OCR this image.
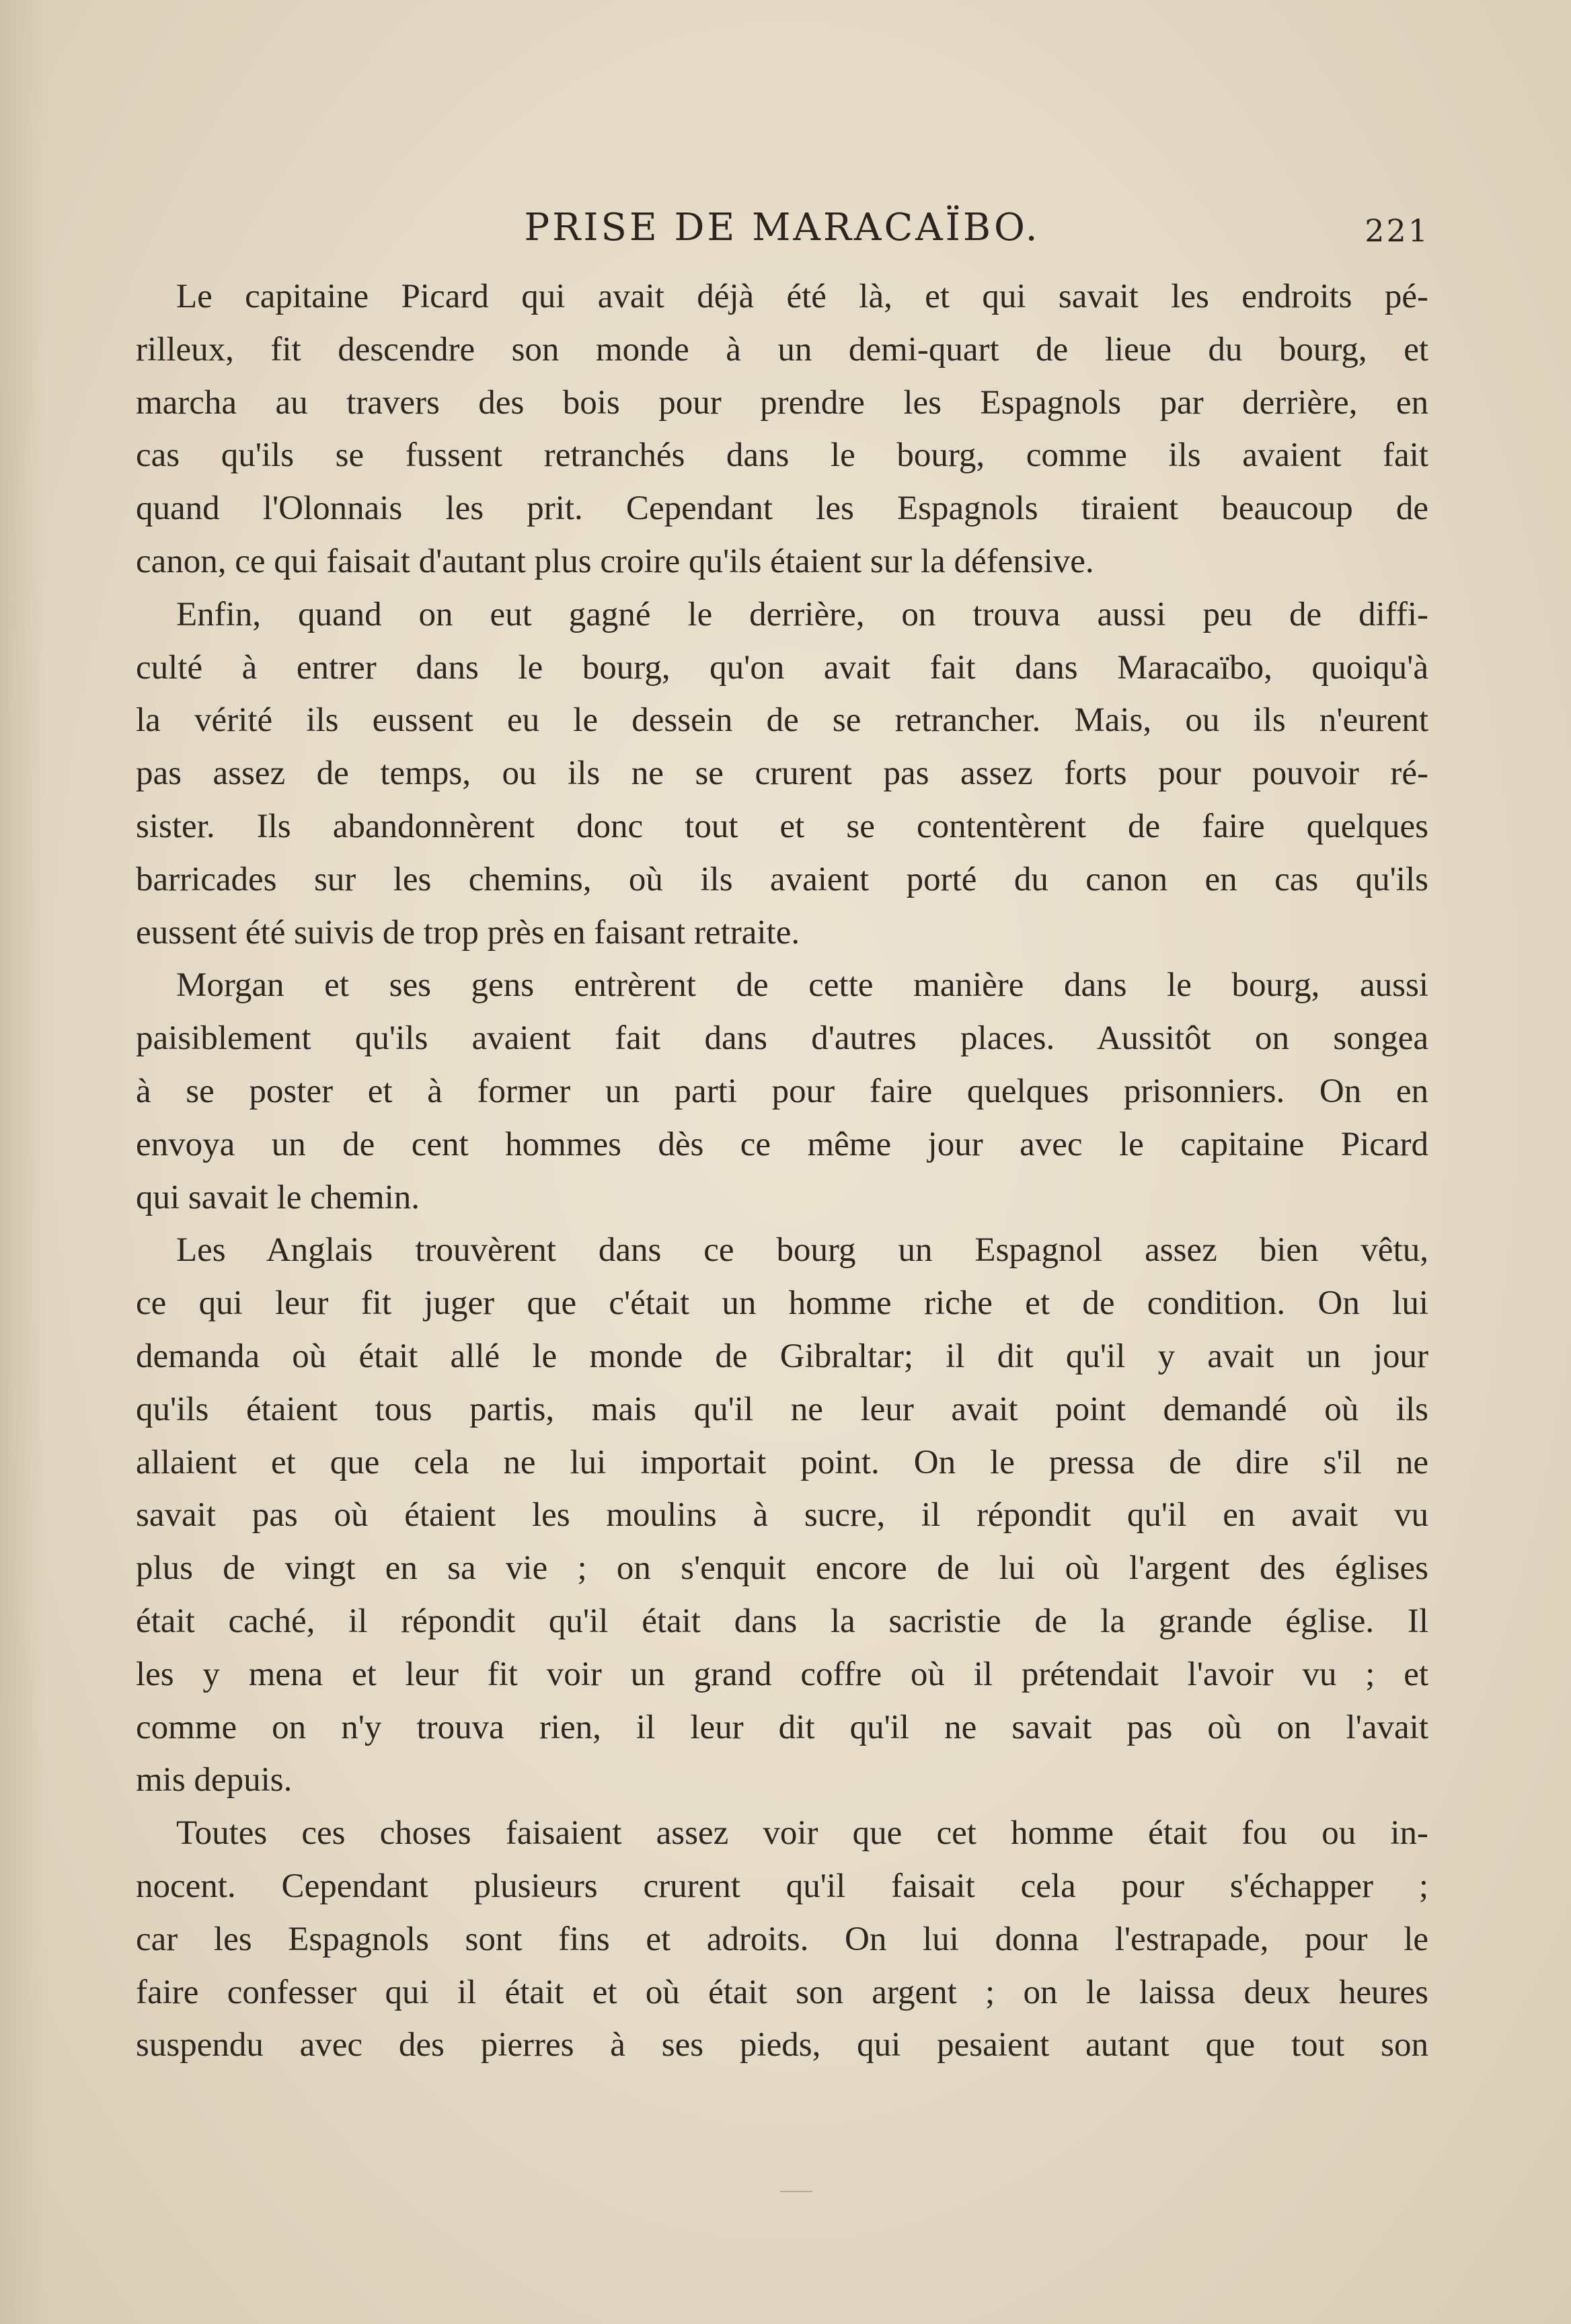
PRISE DE MARACAÏBO.	221

Le capitaine Picard qui avait déjà été là, et qui savait les endroits pé-
rilleux, fit descendre son monde à un demi-quart de lieue du bourg, et
marcha au travers des bois pour prendre les Espagnols par derrière, en
cas qu'ils se fussent retranchés dans le bourg, comme ils avaient fait
quand l'Olonnais les prit. Cependant les Espagnols tiraient beaucoup de
canon, ce qui faisait d'autant plus croire qu'ils étaient sur la défensive.

Enfin, quand on eut gagné le derrière, on trouva aussi peu de diffi-
culté à entrer dans le bourg, qu'on avait fait dans Maracaïbo, quoiqu'à
la vérité ils eussent eu le dessein de se retrancher. Mais, ou ils n'eurent
pas assez de temps, ou ils ne se crurent pas assez forts pour pouvoir ré-
sister. Ils abandonnèrent donc tout et se contentèrent de faire quelques
barricades sur les chemins, où ils avaient porté du canon en cas qu'ils
eussent été suivis de trop près en faisant retraite.

Morgan et ses gens entrèrent de cette manière dans le bourg, aussi
paisiblement qu'ils avaient fait dans d'autres places. Aussitôt on songea
à se poster et à former un parti pour faire quelques prisonniers. On en
envoya un de cent hommes dès ce même jour avec le capitaine Picard
qui savait le chemin.

Les Anglais trouvèrent dans ce bourg un Espagnol assez bien vêtu,
ce qui leur fit juger que c'était un homme riche et de condition. On lui
demanda où était allé le monde de Gibraltar; il dit qu'il y avait un jour
qu'ils étaient tous partis, mais qu'il ne leur avait point demandé où ils
allaient et que cela ne lui importait point. On le pressa de dire s'il ne
savait pas où étaient les moulins à sucre, il répondit qu'il en avait vu
plus de vingt en sa vie ; on s'enquit encore de lui où l'argent des églises
était caché, il répondit qu'il était dans la sacristie de la grande église. Il
les y mena et leur fit voir un grand coffre où il prétendait l'avoir vu ; et
comme on n'y trouva rien, il leur dit qu'il ne savait pas où on l'avait
mis depuis.

Toutes ces choses faisaient assez voir que cet homme était fou ou in-
nocent. Cependant plusieurs crurent qu'il faisait cela pour s'échapper ;
car les Espagnols sont fins et adroits. On lui donna l'estrapade, pour le
faire confesser qui il était et où était son argent ; on le laissa deux heures
suspendu avec des pierres à ses pieds, qui pesaient autant que tout son
